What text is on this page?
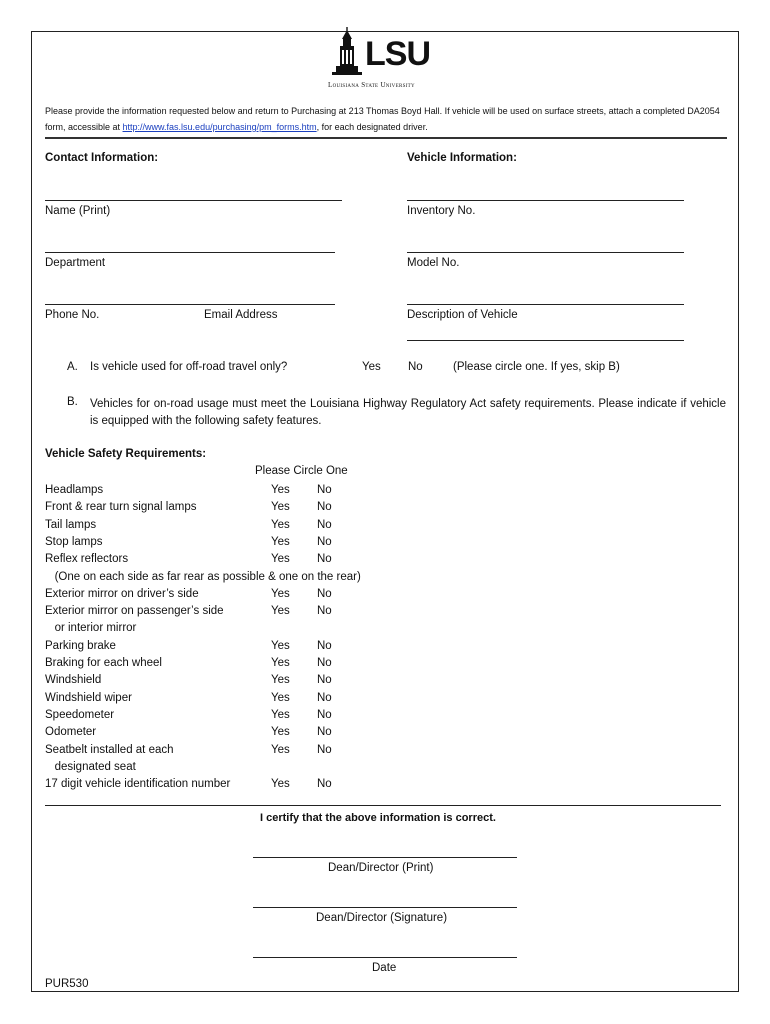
LSU
Louisiana State University
Please provide the information requested below and return to Purchasing at 213 Thomas Boyd Hall. If vehicle will be used on surface streets, attach a completed DA2054 form, accessible at http://www.fas.lsu.edu/purchasing/pm_forms.htm, for each designated driver.
Contact Information:
Name (Print)
Department
Phone No.	Email Address
Vehicle Information:
Inventory No.
Model No.
Description of Vehicle
A. Is vehicle used for off-road travel only?	Yes No	(Please circle one. If yes, skip B)
B. Vehicles for on-road usage must meet the Louisiana Highway Regulatory Act safety requirements. Please indicate if vehicle is equipped with the following safety features.
Vehicle Safety Requirements:
Please Circle One
Headlamps	Yes No
Front & rear turn signal lamps	Yes No
Tail lamps	Yes No
Stop lamps	Yes No
Reflex reflectors	Yes No
(One on each side as far rear as possible & one on the rear)
Exterior mirror on driver’s side	Yes No
Exterior mirror on passenger’s side	Yes No
or interior mirror
Parking brake	Yes No
Braking for each wheel	Yes No
Windshield	Yes No
Windshield wiper	Yes No
Speedometer	Yes No
Odometer	Yes No
Seatbelt installed at each	Yes No
designated seat
17 digit vehicle identification number	Yes No
I certify that the above information is correct.
Dean/Director (Print)
Dean/Director (Signature)
Date
PUR530
